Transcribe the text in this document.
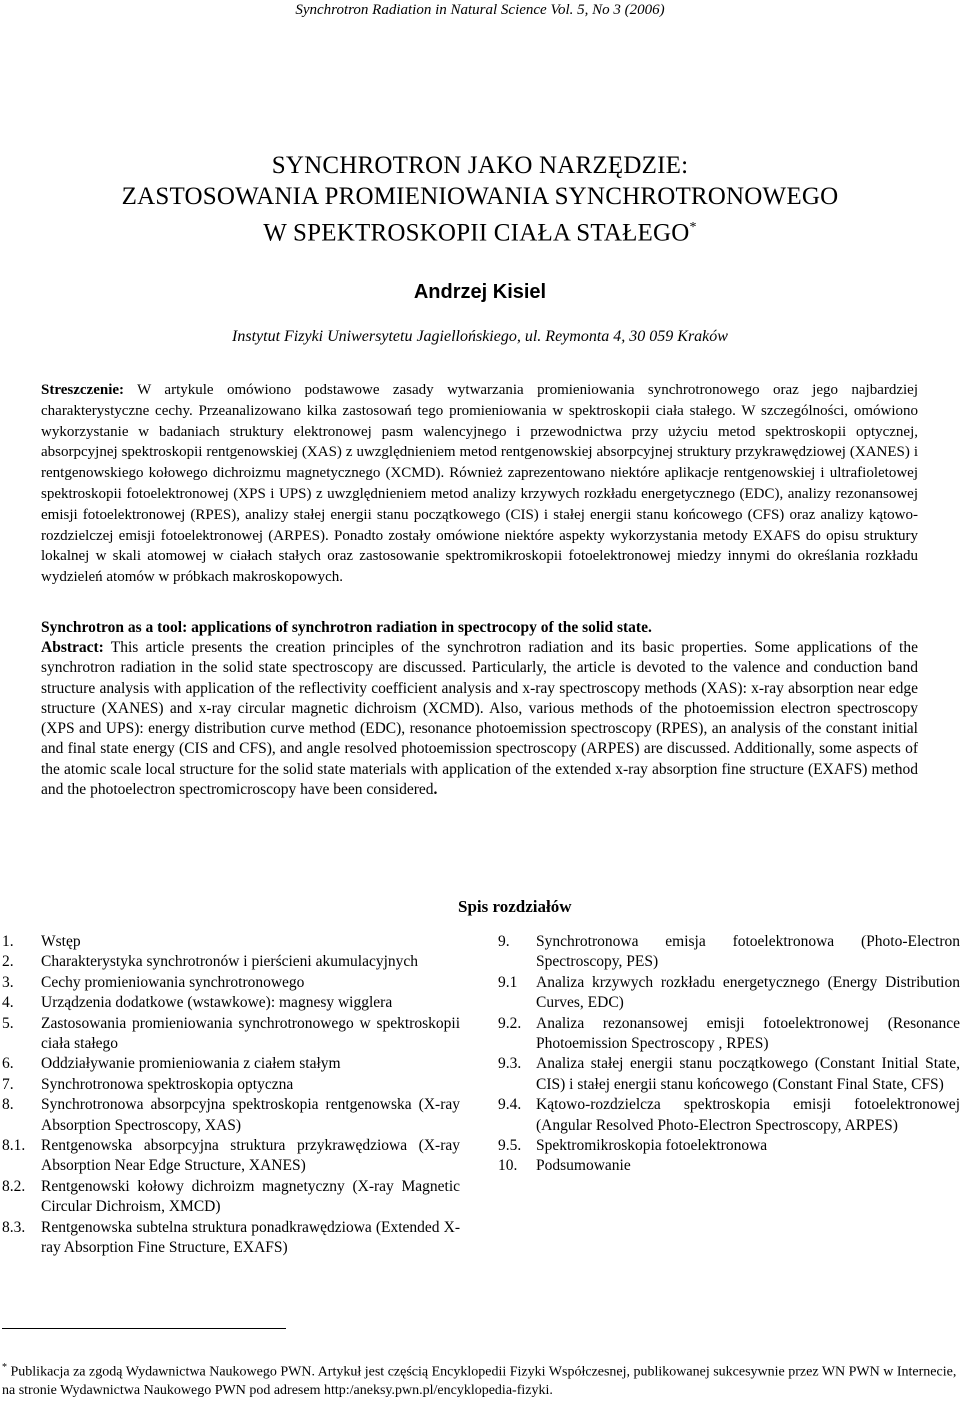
Synchrotron Radiation in Natural Science Vol. 5, No 3 (2006)
SYNCHROTRON JAKO NARZĘDZIE:
ZASTOSOWANIA PROMIENIOWANIA SYNCHROTRONOWEGO
W SPEKTROSKOPII CIAŁA STAŁEGO*
Andrzej Kisiel
Instytut Fizyki Uniwersytetu Jagiellońskiego, ul. Reymonta 4, 30 059 Kraków
Streszczenie: W artykule omówiono podstawowe zasady wytwarzania promieniowania synchrotronowego oraz jego najbardziej charakterystyczne cechy. Przeanalizowano kilka zastosowań tego promieniowania w spektroskopii ciała stałego. W szczególności, omówiono wykorzystanie w badaniach struktury elektronowej pasm walencyjnego i przewodnictwa przy użyciu metod spektroskopii optycznej, absorpcyjnej spektroskopii rentgenowskiej (XAS) z uwzględnieniem metod rentgenowskiej absorpcyjnej struktury przykrawędziowej (XANES) i rentgenowskiego kołowego dichroizmu magnetycznego (XCMD). Również zaprezentowano niektóre aplikacje rentgenowskiej i ultrafioletowej spektroskopii fotoelektronowej (XPS i UPS) z uwzględnieniem metod analizy krzywych rozkładu energetycznego (EDC), analizy rezonansowej emisji fotoelektronowej (RPES), analizy stałej energii stanu początkowego (CIS) i stałej energii stanu końcowego (CFS) oraz analizy kątowo-rozdzielczej emisji fotoelektronowej (ARPES). Ponadto zostały omówione niektóre aspekty wykorzystania metody EXAFS do opisu struktury lokalnej w skali atomowej w ciałach stałych oraz zastosowanie spektromikroskopii fotoelektronowej miedzy innymi do określania rozkładu wydzieleń atomów w próbkach makroskopowych.
Synchrotron as a tool: applications of synchrotron radiation in spectrocopy of the solid state.
Abstract: This article presents the creation principles of the synchrotron radiation and its basic properties. Some applications of the synchrotron radiation in the solid state spectroscopy are discussed. Particularly, the article is devoted to the valence and conduction band structure analysis with application of the reflectivity coefficient analysis and x-ray spectroscopy methods (XAS): x-ray absorption near edge structure (XANES) and x-ray circular magnetic dichroism (XCMD). Also, various methods of the photoemission electron spectroscopy (XPS and UPS): energy distribution curve method (EDC), resonance photoemission spectroscopy (RPES), an analysis of the constant initial and final state energy (CIS and CFS), and angle resolved photoemission spectroscopy (ARPES) are discussed. Additionally, some aspects of the atomic scale local structure for the solid state materials with application of the extended x-ray absorption fine structure (EXAFS) method and the photoelectron spectromicroscopy have been considered.
Spis rozdziałów
1.	Wstęp
2.	Charakterystyka synchrotronów i pierścieni akumulacyjnych
3.	Cechy promieniowania synchrotronowego
4.	Urządzenia dodatkowe (wstawkowe): magnesy wigglera
5.	Zastosowania promieniowania synchrotronowego w spektroskopii ciała stałego
6.	Oddziaływanie promieniowania z ciałem stałym
7.	Synchrotronowa spektroskopia optyczna
8.	Synchrotronowa absorpcyjna spektroskopia rentgenowska (X-ray Absorption Spectroscopy, XAS)
8.1.	Rentgenowska absorpcyjna struktura przykrawędziowa (X-ray Absorption Near Edge Structure, XANES)
8.2.	Rentgenowski kołowy dichroizm magnetyczny (X-ray Magnetic Circular Dichroism, XMCD)
8.3.	Rentgenowska subtelna struktura ponadkrawędziowa (Extended X-ray Absorption Fine Structure, EXAFS)
9.	Synchrotronowa emisja fotoelektronowa (Photo-Electron Spectroscopy, PES)
9.1	Analiza krzywych rozkładu energetycznego (Energy Distribution Curves, EDC)
9.2. Analiza rezonansowej emisji fotoelektronowej (Resonance Photoemission Spectroscopy , RPES)
9.3. Analiza stałej energii stanu początkowego (Constant Initial State, CIS) i stałej energii stanu końcowego (Constant Final State, CFS)
9.4. Kątowo-rozdzielcza spektroskopia emisji fotoelektronowej (Angular Resolved Photo-Electron Spectroscopy, ARPES)
9.5. Spektromikroskopia fotoelektronowa
10.	Podsumowanie
* Publikacja za zgodą Wydawnictwa Naukowego PWN. Artykuł jest częścią Encyklopedii Fizyki Współczesnej, publikowanej sukcesywnie przez WN PWN w Internecie, na stronie Wydawnictwa Naukowego PWN pod adresem http:/aneksy.pwn.pl/encyklopedia-fizyki.
